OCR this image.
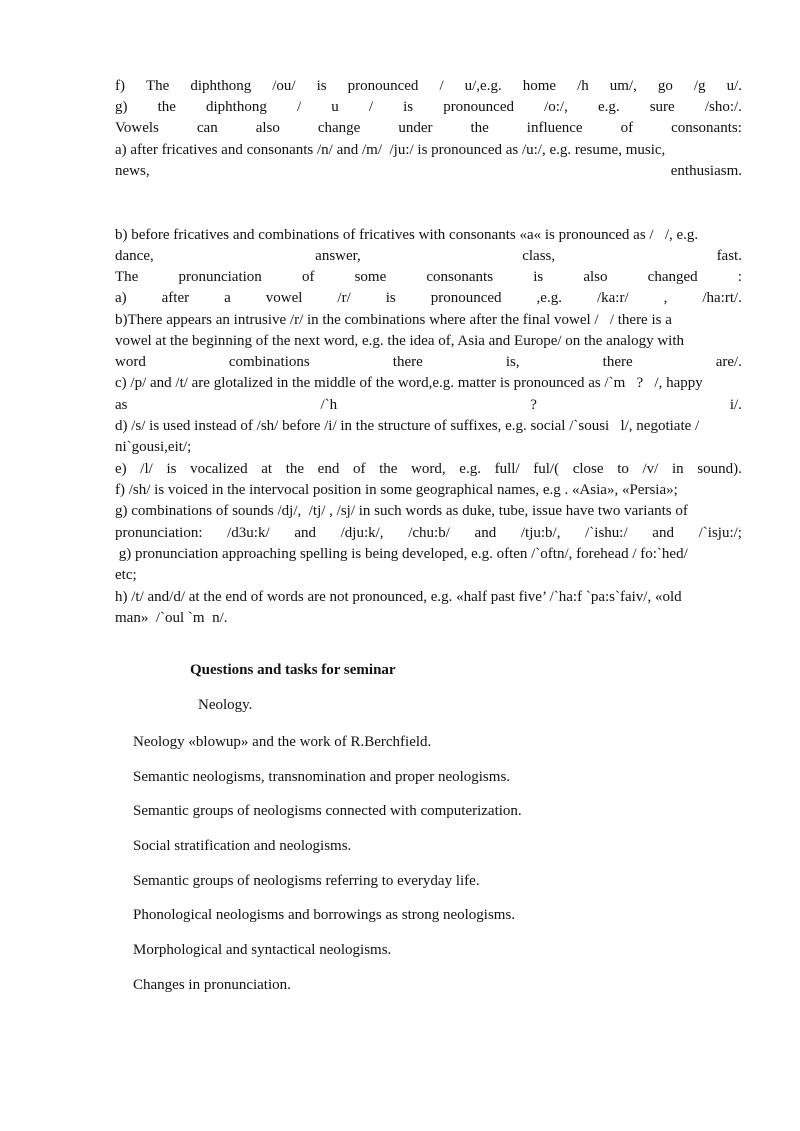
f) The diphthong /ou/ is pronounced / u/,e.g. home /h um/, go /g u/.
g) the diphthong / u / is pronounced /o:/, e.g. sure /sho:/.
Vowels	can	also	change	under	the	influence	of	consonants:
a) after fricatives and consonants /n/ and /m/  /ju:/ is pronounced as /u:/, e.g. resume, music,
news,	enthusiasm.
b) before fricatives and combinations of fricatives with consonants «a« is pronounced as /   /, e.g.
dance,	answer,	class,	fast.
The	pronunciation	of	some	consonants	is	also	changed	:
a) after a vowel /r/ is pronounced ,e.g. /ka:r/ , /ha:rt/.
b)There appears an intrusive /r/ in the combinations where after the final vowel /   / there is a
vowel at the beginning of the next word, e.g. the idea of, Asia and Europe/ on the analogy with
word	combinations	there	is,	there	are/.
c) /p/ and /t/ are glotalized in the middle of the word,e.g. matter is pronounced as /`m   ?   /, happy
as	/`h	?	i/.
d) /s/ is used instead of /sh/ before /i/ in the structure of suffixes, e.g. social /`sousi   l/, negotiate /
ni`gousi,eit/;
e) /l/ is vocalized at the end of the word, e.g. full/ ful/( close to /v/ in sound).
f) /sh/ is voiced in the intervocal position in some geographical names, e.g . «Asia», «Persia»;
g) combinations of sounds /dj/,  /tj/ , /sj/ in such words as duke, tube, issue have two variants of
pronunciation: /d3u:k/ and /dju:k/, /chu:b/ and /tju:b/, /`ishu:/ and /`isju:/;
g) pronunciation approaching spelling is being developed, e.g. often /`oftn/, forehead / fo:`hed/
etc;
h) /t/ and/d/ at the end of words are not pronounced, e.g. «half past five’ /`ha:f `pa:s`faiv/, «old
man»  /`oul `m  n/.
Questions and tasks for seminar
Neology.
Neology «blowup» and the work of R.Berchfield.
Semantic neologisms, transnomination and proper neologisms.
Semantic groups of neologisms connected with computerization.
Social stratification and neologisms.
Semantic groups of neologisms referring to everyday life.
Phonological neologisms and borrowings as strong neologisms.
Morphological and syntactical neologisms.
Changes in pronunciation.
